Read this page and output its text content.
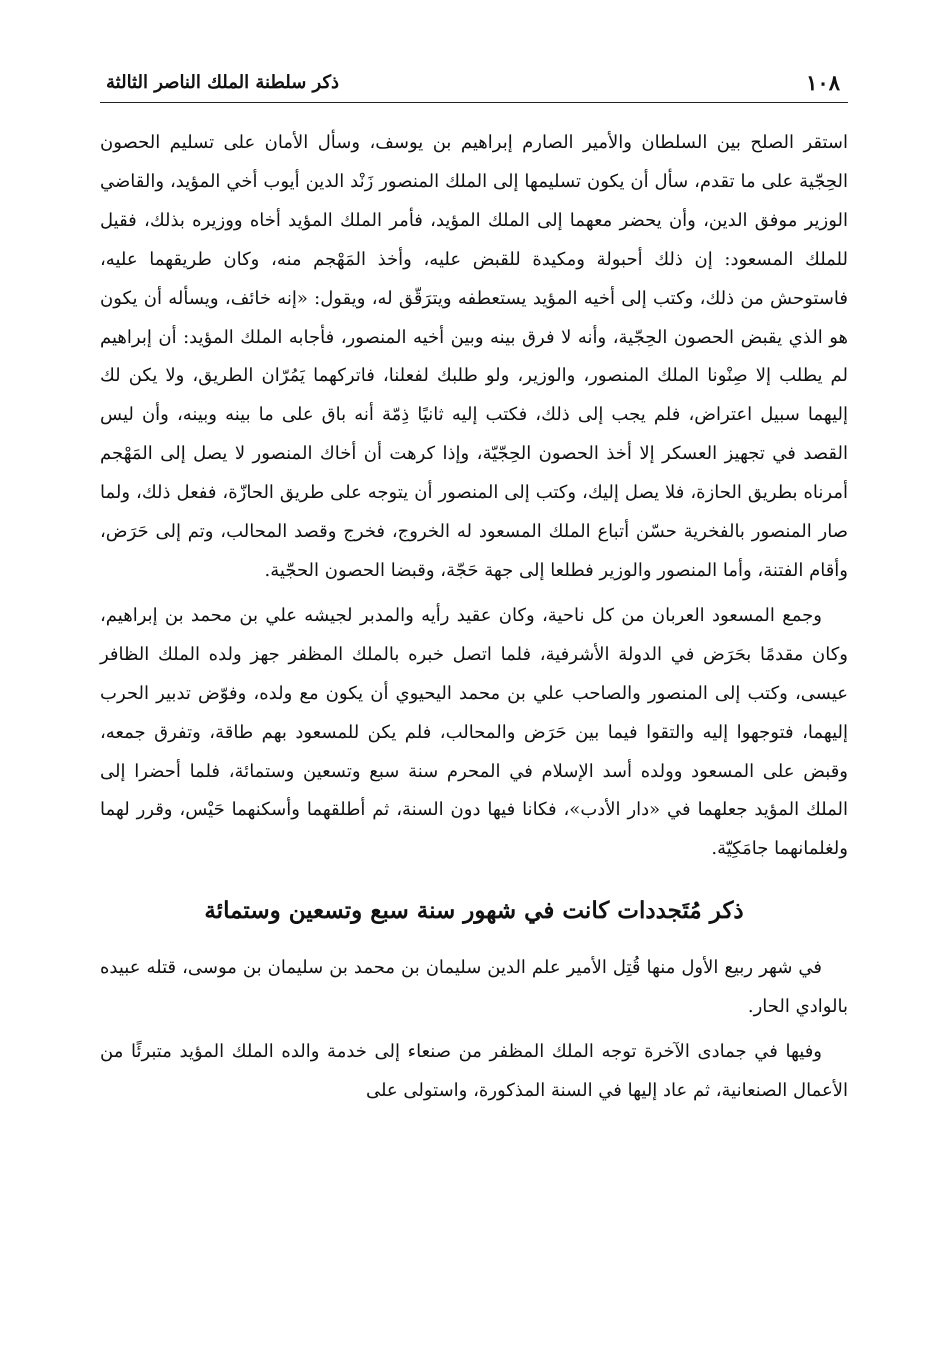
١٠٨
ذكر سلطنة الملك الناصر الثالثة

استقر الصلح بين السلطان والأمير الصارم إبراهيم بن يوسف، وسأل الأمان على تسليم الحصون الحِجّية على ما تقدم، سأل أن يكون تسليمها إلى الملك المنصور زَنْد الدين أيوب أخي المؤيد، والقاضي الوزير موفق الدين، وأن يحضر معهما إلى الملك المؤيد، فأمر الملك المؤيد أخاه ووزيره بذلك، فقيل للملك المسعود: إن ذلك أحبولة ومكيدة للقبض عليه، وأخذ المَهْجم منه، وكان طريقهما عليه، فاستوحش من ذلك، وكتب إلى أخيه المؤيد يستعطفه ويترَقّق له، ويقول: «إنه خائف، ويسأله أن يكون هو الذي يقبض الحصون الحِجّية، وأنه لا فرق بينه وبين أخيه المنصور، فأجابه الملك المؤيد: أن إبراهيم لم يطلب إلا صِنْونا الملك المنصور، والوزير، ولو طلبك لفعلنا، فاتركهما يَمُرّان الطريق، ولا يكن لك إليهما سبيل اعتراض، فلم يجب إلى ذلك، فكتب إليه ثانيًا ذِمّة أنه باق على ما بينه وبينه، وأن ليس القصد في تجهيز العسكر إلا أخذ الحصون الحِجّيّة، وإذا كرهت أن أخاك المنصور لا يصل إلى المَهْجم أمرناه بطريق الحازة، فلا يصل إليك، وكتب إلى المنصور أن يتوجه على طريق الحازّة، ففعل ذلك، ولما صار المنصور بالفخرية حسّن أتباع الملك المسعود له الخروج، فخرج وقصد المحالب، وتم إلى حَرَض، وأقام الفتنة، وأما المنصور والوزير فطلعا إلى جهة حَجّة، وقبضا الحصون الحجّية.

وجمع المسعود العربان من كل ناحية، وكان عقيد رأيه والمدبر لجيشه علي بن محمد بن إبراهيم، وكان مقدمًا بحَرَض في الدولة الأشرفية، فلما اتصل خبره بالملك المظفر جهز ولده الملك الظافر عيسى، وكتب إلى المنصور والصاحب علي بن محمد اليحيوي أن يكون مع ولده، وفوّض تدبير الحرب إليهما، فتوجهوا إليه والتقوا فيما بين حَرَض والمحالب، فلم يكن للمسعود بهم طاقة، وتفرق جمعه، وقبض على المسعود وولده أسد الإسلام في المحرم سنة سبع وتسعين وستمائة، فلما أحضرا إلى الملك المؤيد جعلهما في «دار الأدب»، فكانا فيها دون السنة، ثم أطلقهما وأسكنهما حَيْس، وقرر لهما ولغلمانهما جامَكِيّة.

ذكر مُتَجددات كانت في شهور سنة سبع وتسعين وستمائة

في شهر ربيع الأول منها قُتِل الأمير علم الدين سليمان بن محمد بن سليمان بن موسى، قتله عبيده بالوادي الحار.

وفيها في جمادى الآخرة توجه الملك المظفر من صنعاء إلى خدمة والده الملك المؤيد متبرئًا من الأعمال الصنعانية، ثم عاد إليها في السنة المذكورة، واستولى على
